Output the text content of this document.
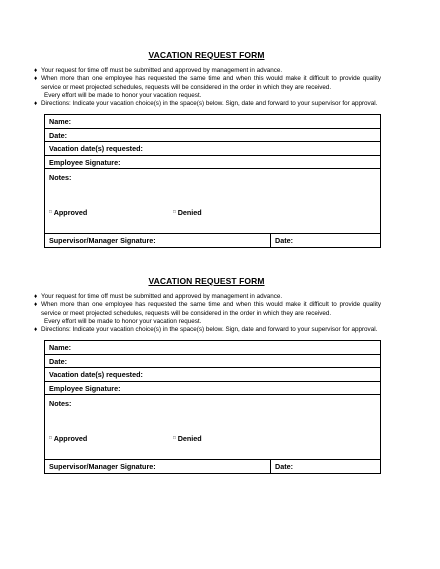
VACATION REQUEST FORM
♦ Your request for time off must be submitted and approved by management in advance.
♦ When more than one employee has requested the same time and when this would make it difficult to provide quality service or meet projected schedules, requests will be considered in the order in which they are received.
Every effort will be made to honor your vacation request.
♦ Directions: Indicate your vacation choice(s) in the space(s) below. Sign, date and forward to your supervisor for approval.
Name:
Date:
Vacation date(s) requested:
Employee Signature:

Notes:
□ Approved	□ Denied

Supervisor/Manager Signature:	Date:
VACATION REQUEST FORM
♦ Your request for time off must be submitted and approved by management in advance.
♦ When more than one employee has requested the same time and when this would make it difficult to provide quality service or meet projected schedules, requests will be considered in the order in which they are received.
Every effort will be made to honor your vacation request.
♦ Directions: Indicate your vacation choice(s) in the space(s) below. Sign, date and forward to your supervisor for approval.
Name:
Date:
Vacation date(s) requested:
Employee Signature:

Notes:
□ Approved	□ Denied

Supervisor/Manager Signature:	Date:
